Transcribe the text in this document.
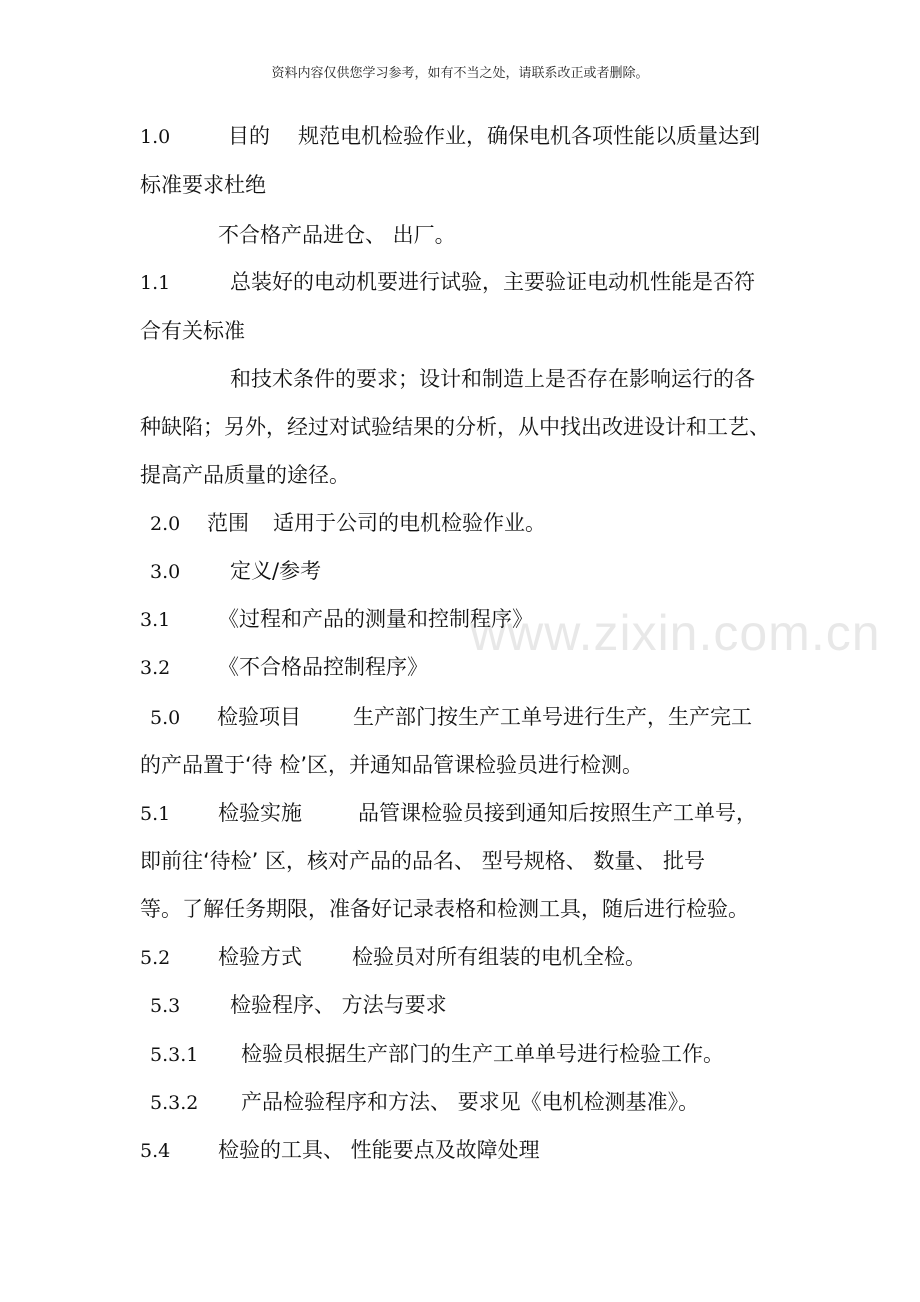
资料内容仅供您学习参考，如有不当之处，请联系改正或者删除。
www.zixin.com.cn
1.0	目的 规范电机检验作业，确保电机各项性能以质量达到
标准要求杜绝
不合格产品进仓、 出厂。
1.1	总装好的电动机要进行试验，主要验证电动机性能是否符
合有关标准
和技术条件的要求；设计和制造上是否存在影响运行的各
种缺陷；另外，经过对试验结果的分析，从中找出改进设计和工艺、
提高产品质量的途径。
2.0 范围 适用于公司的电机检验作业。
3.0 定义/参考
3.1 《过程和产品的测量和控制程序》
3.2 《不合格品控制程序》
5.0 检验项目 生产部门按生产工单号进行生产，生产完工
的产品置于‘待 检’区，并通知品管课检验员进行检测。
5.1 检验实施	品管课检验员接到通知后按照生产工单号，
即前往‘待检’ 区，核对产品的品名、 型号规格、 数量、 批号
等。了解任务期限，准备好记录表格和检测工具，随后进行检验。
5.2 检验方式 检验员对所有组装的电机全检。
5.3 检验程序、 方法与要求
5.3.1 检验员根据生产部门的生产工单单号进行检验工作。
5.3.2 产品检验程序和方法、 要求见《电机检测基准》。
5.4 检验的工具、 性能要点及故障处理
